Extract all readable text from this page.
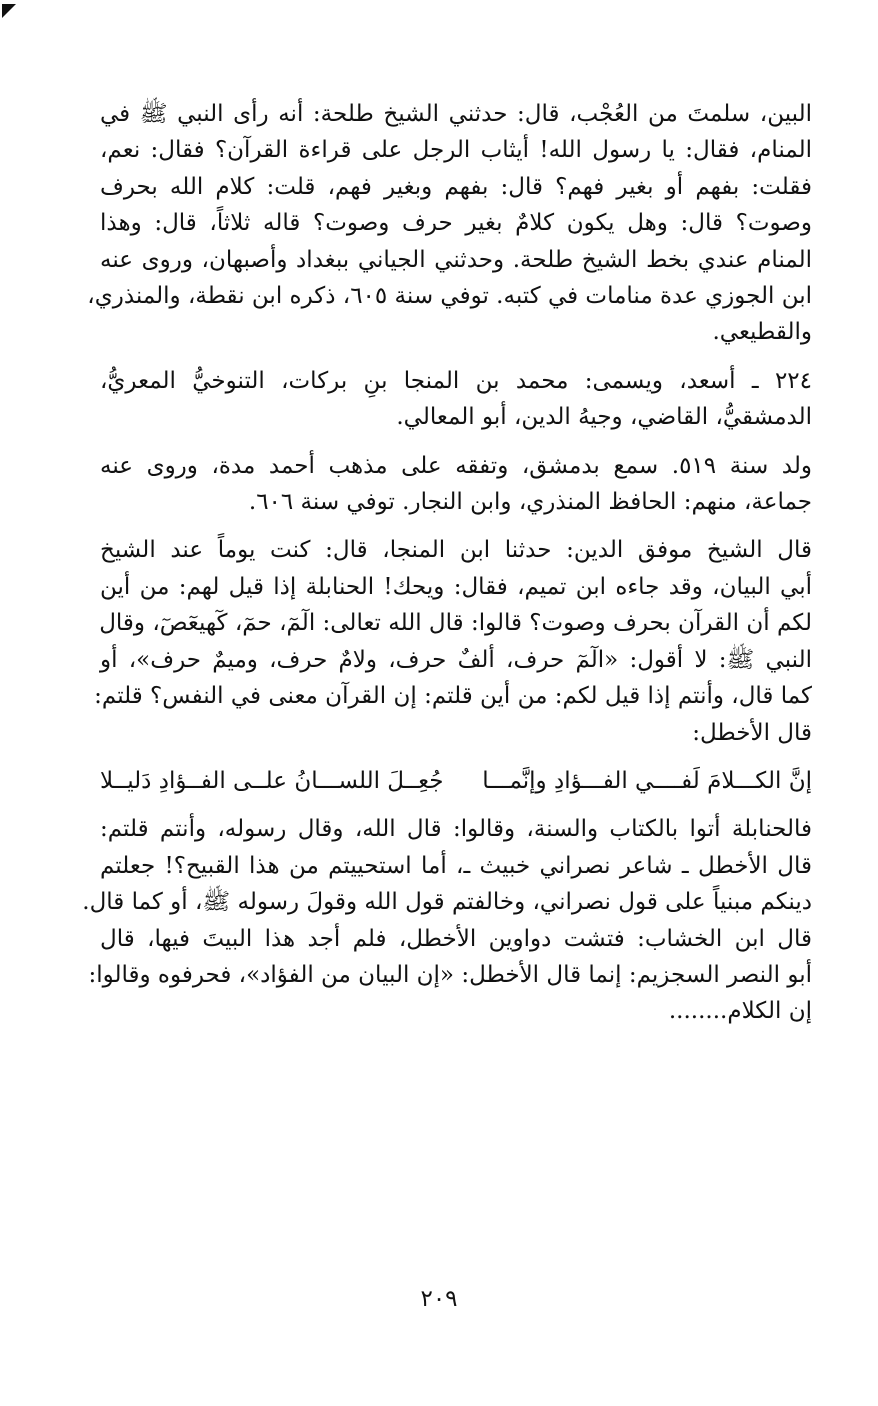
البين، سلمتَ من العُجْب، قال: حدثني الشيخ طلحة: أنه رأى النبي ﷺ في
المنام، فقال: يا رسول الله! أيثاب الرجل على قراءة القرآن؟ فقال: نعم،
فقلت: بفهم أو بغير فهم؟ قال: بفهم وبغير فهم، قلت: كلام الله بحرف
وصوت؟ قال: وهل يكون كلامٌ بغير حرف وصوت؟ قاله ثلاثاً، قال: وهذا
المنام عندي بخط الشيخ طلحة. وحدثني الجياني ببغداد وأصبهان، وروى عنه
ابن الجوزي عدة منامات في كتبه. توفي سنة ٦٠٥، ذكره ابن نقطة، والمنذري،
والقطيعي.
٢٢٤ ـ أسعد، ويسمى: محمد بن المنجا بنِ بركات، التنوخيُّ المعريُّ،
الدمشقيُّ، القاضي، وجيهُ الدين، أبو المعالي.
ولد سنة ٥١٩. سمع بدمشق، وتفقه على مذهب أحمد مدة، وروى عنه
جماعة، منهم: الحافظ المنذري، وابن النجار. توفي سنة ٦٠٦.
قال الشيخ موفق الدين: حدثنا ابن المنجا، قال: كنت يوماً عند الشيخ
أبي البيان، وقد جاءه ابن تميم، فقال: ويحك! الحنابلة إذا قيل لهم: من أين
لكم أن القرآن بحرف وصوت؟ قالوا: قال الله تعالى: الٓمٓ، حمٓ، كٓهيعٓصٓ، وقال
النبي ﷺ: لا أقول: «الٓمٓ حرف، ألفٌ حرف، ولامٌ حرف، وميمٌ حرف»، أو
كما قال، وأنتم إذا قيل لكم: من أين قلتم: إن القرآن معنى في النفس؟ قلتم:
قال الأخطل:
إنَّ الكـــلامَ لَفــــي الفـــؤادِ وإنَّمـــا
جُعِــلَ اللســـانُ علــى الفــؤادِ دَليــلا
فالحنابلة أتوا بالكتاب والسنة، وقالوا: قال الله، وقال رسوله، وأنتم قلتم:
قال الأخطل ـ شاعر نصراني خبيث ـ، أما استحييتم من هذا القبيح؟! جعلتم
دينكم مبنياً على قول نصراني، وخالفتم قول الله وقولَ رسوله ﷺ، أو كما قال.
قال ابن الخشاب: فتشت دواوين الأخطل، فلم أجد هذا البيتَ فيها، قال
أبو النصر السجزيم: إنما قال الأخطل: «إن البيان من الفؤاد»، فحرفوه وقالوا:
إن الكلام........
٢٠٩
